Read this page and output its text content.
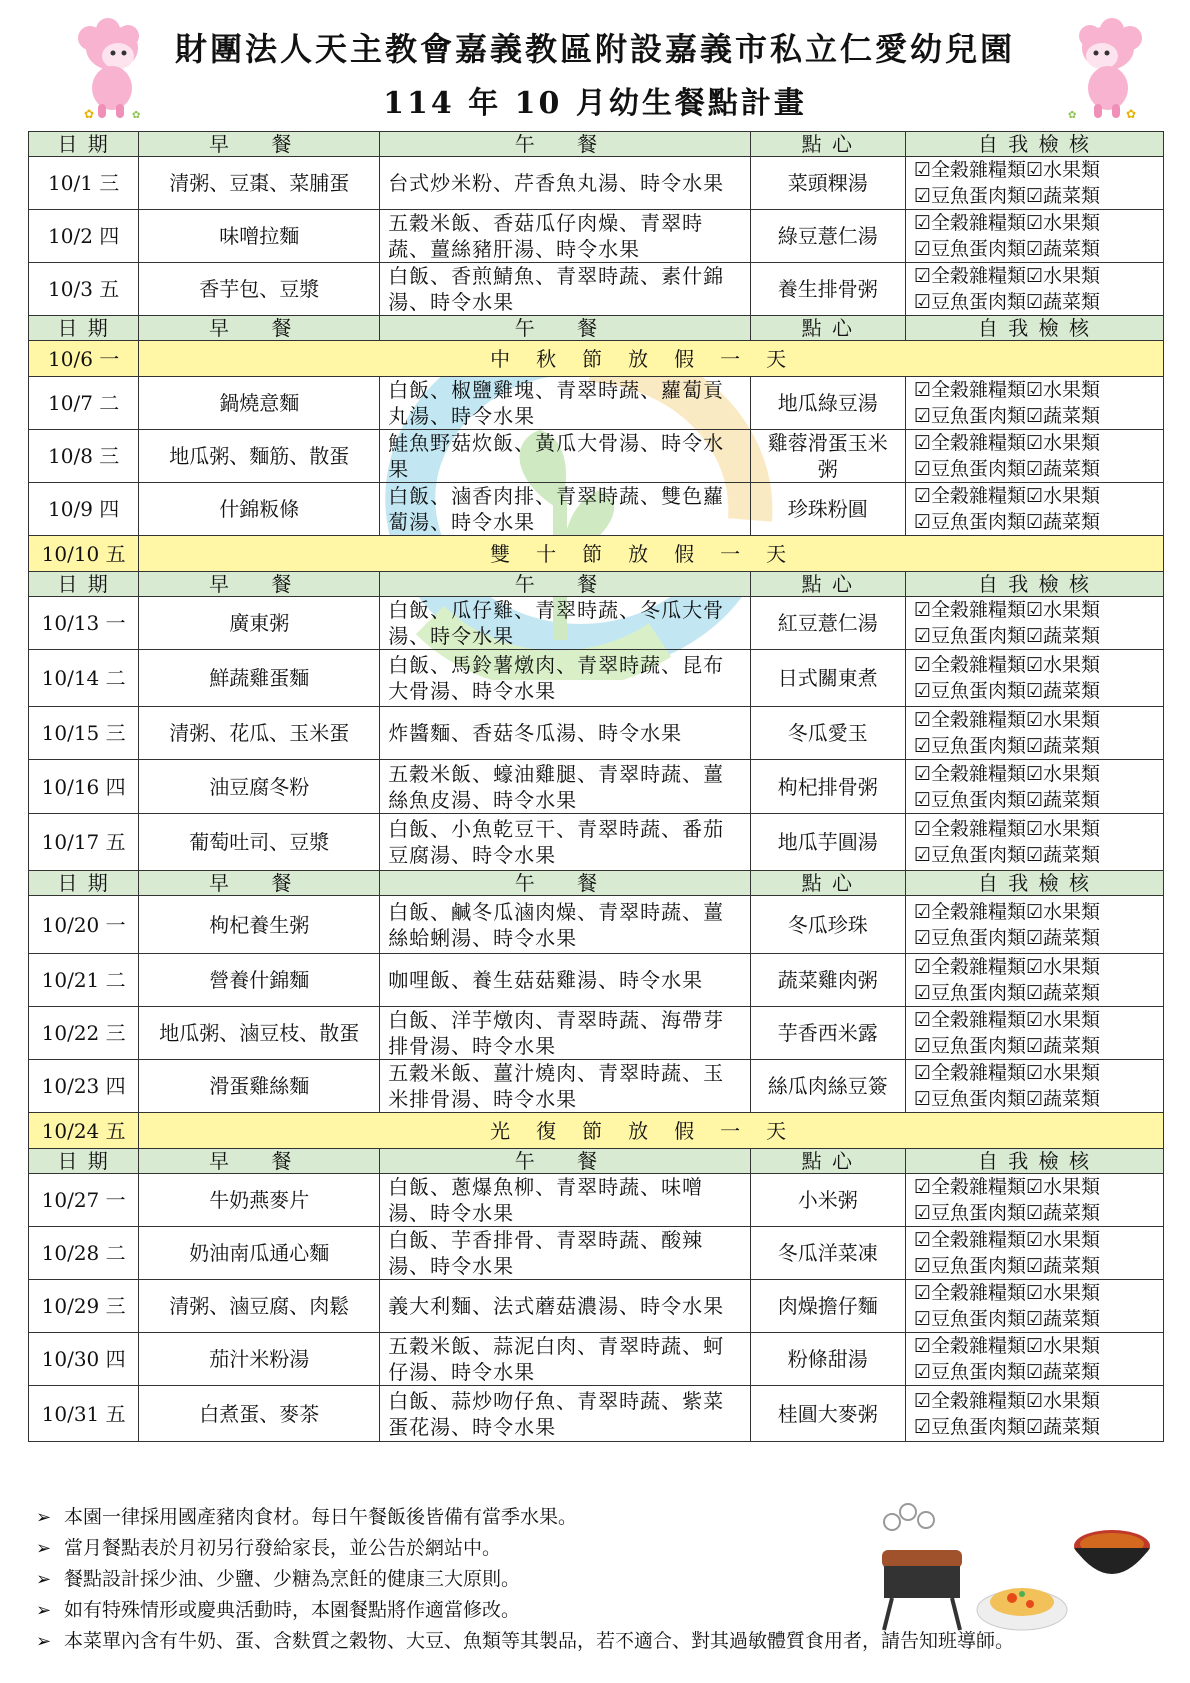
✿	✿
財團法人天主教會嘉義教區附設嘉義市私立仁愛幼兒園
114 年 10 月幼生餐點計畫	✿	✿
日 期	早 餐	午 餐	點 心	自 我 檢 核
10/1 三	清粥、豆棗、菜脯蛋	台式炒米粉、芹香魚丸湯、時令水果	菜頭粿湯	☑全穀雜糧類☑水果類
☑豆魚蛋肉類☑蔬菜類

10/2 四	味噌拉麵	五穀米飯、香菇瓜仔肉燥、青翠時蔬、薑絲豬肝湯、時令水果	綠豆薏仁湯	☑全穀雜糧類☑水果類
☑豆魚蛋肉類☑蔬菜類

10/3 五	香芋包、豆漿	白飯、香煎鯖魚、青翠時蔬、素什錦湯、時令水果	養生排骨粥	☑全穀雜糧類☑水果類
☑豆魚蛋肉類☑蔬菜類

日 期	早 餐	午 餐	點 心	自 我 檢 核
10/6 一	中秋節放假一天			
10/7 二	鍋燒意麵	白飯、椒鹽雞塊、青翠時蔬、蘿蔔貢丸湯、時令水果	地瓜綠豆湯	☑全穀雜糧類☑水果類
☑豆魚蛋肉類☑蔬菜類

10/8 三	地瓜粥、麵筋、散蛋	鮭魚野菇炊飯、黃瓜大骨湯、時令水果	雞蓉滑蛋玉米粥	☑全穀雜糧類☑水果類
☑豆魚蛋肉類☑蔬菜類

10/9 四	什錦粄條	白飯、滷香肉排、青翠時蔬、雙色蘿蔔湯、時令水果	珍珠粉圓	☑全穀雜糧類☑水果類
☑豆魚蛋肉類☑蔬菜類

10/10 五	雙十節放假一天			
日 期	早 餐	午 餐	點 心	自 我 檢 核
10/13 一	廣東粥	白飯、瓜仔雞、青翠時蔬、冬瓜大骨湯、時令水果	紅豆薏仁湯	☑全穀雜糧類☑水果類
☑豆魚蛋肉類☑蔬菜類

10/14 二	鮮蔬雞蛋麵	白飯、馬鈴薯燉肉、青翠時蔬、昆布大骨湯、時令水果	日式關東煮	☑全穀雜糧類☑水果類
☑豆魚蛋肉類☑蔬菜類

10/15 三	清粥、花瓜、玉米蛋	炸醬麵、香菇冬瓜湯、時令水果	冬瓜愛玉	☑全穀雜糧類☑水果類
☑豆魚蛋肉類☑蔬菜類

10/16 四	油豆腐冬粉	五穀米飯、蠔油雞腿、青翠時蔬、薑絲魚皮湯、時令水果	枸杞排骨粥	☑全穀雜糧類☑水果類
☑豆魚蛋肉類☑蔬菜類

10/17 五	葡萄吐司、豆漿	白飯、小魚乾豆干、青翠時蔬、番茄豆腐湯、時令水果	地瓜芋圓湯	☑全穀雜糧類☑水果類
☑豆魚蛋肉類☑蔬菜類

日 期	早 餐	午 餐	點 心	自 我 檢 核
10/20 一	枸杞養生粥	白飯、鹹冬瓜滷肉燥、青翠時蔬、薑絲蛤蜊湯、時令水果	冬瓜珍珠	☑全穀雜糧類☑水果類
☑豆魚蛋肉類☑蔬菜類

10/21 二	營養什錦麵	咖哩飯、養生菇菇雞湯、時令水果	蔬菜雞肉粥	☑全穀雜糧類☑水果類
☑豆魚蛋肉類☑蔬菜類

10/22 三	地瓜粥、滷豆枝、散蛋	白飯、洋芋燉肉、青翠時蔬、海帶芽排骨湯、時令水果	芋香西米露	☑全穀雜糧類☑水果類
☑豆魚蛋肉類☑蔬菜類

10/23 四	滑蛋雞絲麵	五穀米飯、薑汁燒肉、青翠時蔬、玉米排骨湯、時令水果	絲瓜肉絲豆簽	☑全穀雜糧類☑水果類
☑豆魚蛋肉類☑蔬菜類

10/24 五	光復節放假一天			
日 期	早 餐	午 餐	點 心	自 我 檢 核
10/27 一	牛奶燕麥片	白飯、蔥爆魚柳、青翠時蔬、味噌湯、時令水果	小米粥	☑全穀雜糧類☑水果類
☑豆魚蛋肉類☑蔬菜類

10/28 二	奶油南瓜通心麵	白飯、芋香排骨、青翠時蔬、酸辣湯、時令水果	冬瓜洋菜凍	☑全穀雜糧類☑水果類
☑豆魚蛋肉類☑蔬菜類

10/29 三	清粥、滷豆腐、肉鬆	義大利麵、法式蘑菇濃湯、時令水果	肉燥擔仔麵	☑全穀雜糧類☑水果類
☑豆魚蛋肉類☑蔬菜類

10/30 四	茄汁米粉湯	五穀米飯、蒜泥白肉、青翠時蔬、蚵仔湯、時令水果	粉條甜湯	☑全穀雜糧類☑水果類
☑豆魚蛋肉類☑蔬菜類

10/31 五	白煮蛋、麥茶	白飯、蒜炒吻仔魚、青翠時蔬、紫菜蛋花湯、時令水果	桂圓大麥粥	☑全穀雜糧類☑水果類
☑豆魚蛋肉類☑蔬菜類
➢ 本園一律採用國產豬肉食材。每日午餐飯後皆備有當季水果。
➢ 當月餐點表於月初另行發給家長，並公告於網站中。
➢ 餐點設計採少油、少鹽、少糖為烹飪的健康三大原則。
➢ 如有特殊情形或慶典活動時，本園餐點將作適當修改。
➢ 本菜單內含有牛奶、蛋、含麩質之穀物、大豆、魚類等其製品，若不適合、對其過敏體質食用者，請告知班導師。
